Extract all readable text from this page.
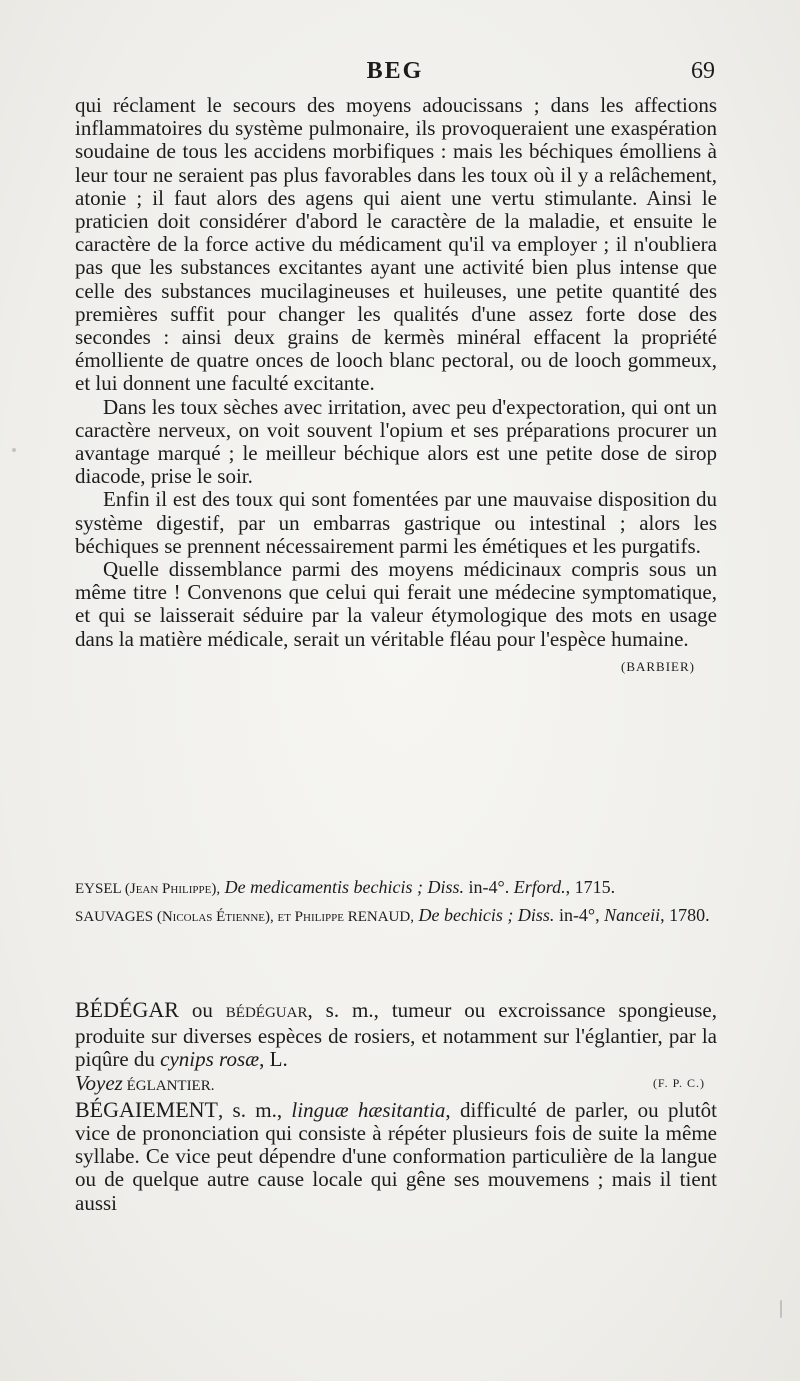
BEG	69

qui réclament le secours des moyens adoucissans ; dans les affections inflammatoires du système pulmonaire, ils provoqueraient une exaspération soudaine de tous les accidens morbifiques : mais les béchiques émolliens à leur tour ne seraient pas plus favorables dans les toux où il y a relâchement, atonie ; il faut alors des agens qui aient une vertu stimulante. Ainsi le praticien doit considérer d'abord le caractère de la maladie, et ensuite le caractère de la force active du médicament qu'il va employer ; il n'oubliera pas que les substances excitantes ayant une activité bien plus intense que celle des substances mucilagineuses et huileuses, une petite quantité des premières suffit pour changer les qualités d'une assez forte dose des secondes : ainsi deux grains de kermès minéral effacent la propriété émolliente de quatre onces de looch blanc pectoral, ou de looch gommeux, et lui donnent une faculté excitante.

Dans les toux sèches avec irritation, avec peu d'expectoration, qui ont un caractère nerveux, on voit souvent l'opium et ses préparations procurer un avantage marqué ; le meilleur béchique alors est une petite dose de sirop diacode, prise le soir.

Enfin il est des toux qui sont fomentées par une mauvaise disposition du système digestif, par un embarras gastrique ou intestinal ; alors les béchiques se prennent nécessairement parmi les émétiques et les purgatifs.

Quelle dissemblance parmi des moyens médicinaux compris sous un même titre ! Convenons que celui qui ferait une médecine symptomatique, et qui se laisserait séduire par la valeur étymologique des mots en usage dans la matière médicale, serait un véritable fléau pour l'espèce humaine.

(BARBIER)

EYSEL (Jean Philippe), De medicamentis bechicis ; Diss. in-4°. Erford., 1715.

SAUVAGES (Nicolas Étienne), et Philippe RENAUD, De bechicis ; Diss. in-4°, Nanceii, 1780.

BÉDÉGAR ou BÉDÉGUAR, s. m., tumeur ou excroissance spongieuse, produite sur diverses espèces de rosiers, et notamment sur l'églantier, par la piqûre du cynips rosæ, L.
Voyez ÉGLANTIER.	(F. P. C.)
BÉGAIEMENT, s. m., linguæ hæsitantia, difficulté de parler, ou plutôt vice de prononciation qui consiste à répéter plusieurs fois de suite la même syllabe. Ce vice peut dépendre d'une conformation particulière de la langue ou de quelque autre cause locale qui gêne ses mouvemens ; mais il tient aussi
